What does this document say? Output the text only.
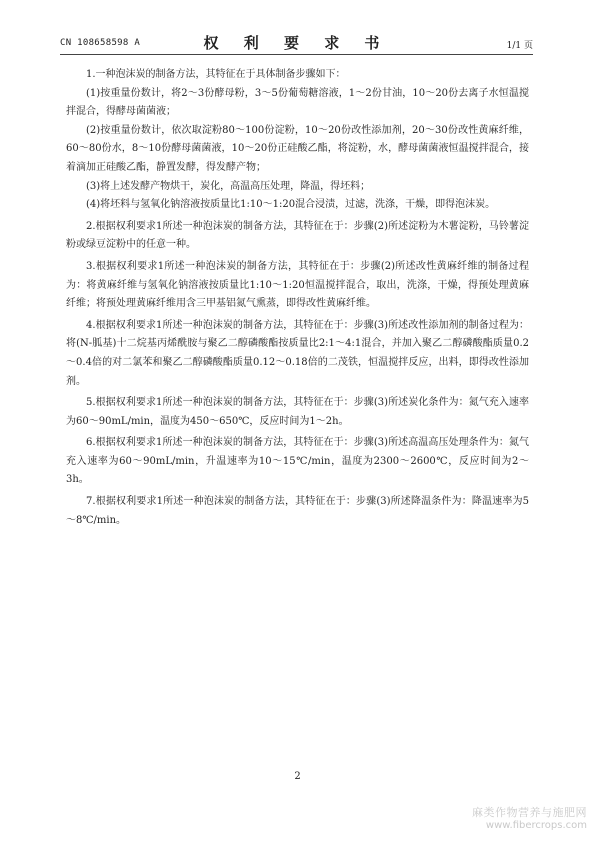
CN 108658598 A	权 利 要 求 书	1/1 页

1.一种泡沫炭的制备方法，其特征在于具体制备步骤如下：

(1)按重量份数计，将2～3份酵母粉，3～5份葡萄糖溶液，1～2份甘油，10～20份去离子水恒温搅拌混合，得酵母菌菌液；

(2)按重量份数计，依次取淀粉80～100份淀粉，10～20份改性添加剂，20～30份改性黄麻纤维，60～80份水，8～10份酵母菌菌液，10～20份正硅酸乙酯，将淀粉，水，酵母菌菌液恒温搅拌混合，接着滴加正硅酸乙酯，静置发酵，得发酵产物；

(3)将上述发酵产物烘干，炭化，高温高压处理，降温，得坯料；

(4)将坯料与氢氧化钠溶液按质量比1:10～1:20混合浸渍，过滤，洗涤，干燥，即得泡沫炭。

2.根据权利要求1所述一种泡沫炭的制备方法，其特征在于：步骤(2)所述淀粉为木薯淀粉，马铃薯淀粉或绿豆淀粉中的任意一种。

3.根据权利要求1所述一种泡沫炭的制备方法，其特征在于：步骤(2)所述改性黄麻纤维的制备过程为：将黄麻纤维与氢氧化钠溶液按质量比1:10～1:20恒温搅拌混合，取出，洗涤，干燥，得预处理黄麻纤维；将预处理黄麻纤维用含三甲基铝氮气熏蒸，即得改性黄麻纤维。

4.根据权利要求1所述一种泡沫炭的制备方法，其特征在于：步骤(3)所述改性添加剂的制备过程为：将(N-胍基)十二烷基丙烯酰胺与聚乙二醇磷酸酯按质量比2:1～4:1混合，并加入聚乙二醇磷酸酯质量0.2～0.4倍的对二氯苯和聚乙二醇磷酸酯质量0.12～0.18倍的二茂铁，恒温搅拌反应，出料，即得改性添加剂。

5.根据权利要求1所述一种泡沫炭的制备方法，其特征在于：步骤(3)所述炭化条件为：氮气充入速率为60～90mL/min，温度为450～650℃，反应时间为1～2h。

6.根据权利要求1所述一种泡沫炭的制备方法，其特征在于：步骤(3)所述高温高压处理条件为：氮气充入速率为60～90mL/min，升温速率为10～15℃/min，温度为2300～2600℃，反应时间为2～3h。

7.根据权利要求1所述一种泡沫炭的制备方法，其特征在于：步骤(3)所述降温条件为：降温速率为5～8℃/min。

2
麻类作物营养与施肥网
www.fibercrops.com
